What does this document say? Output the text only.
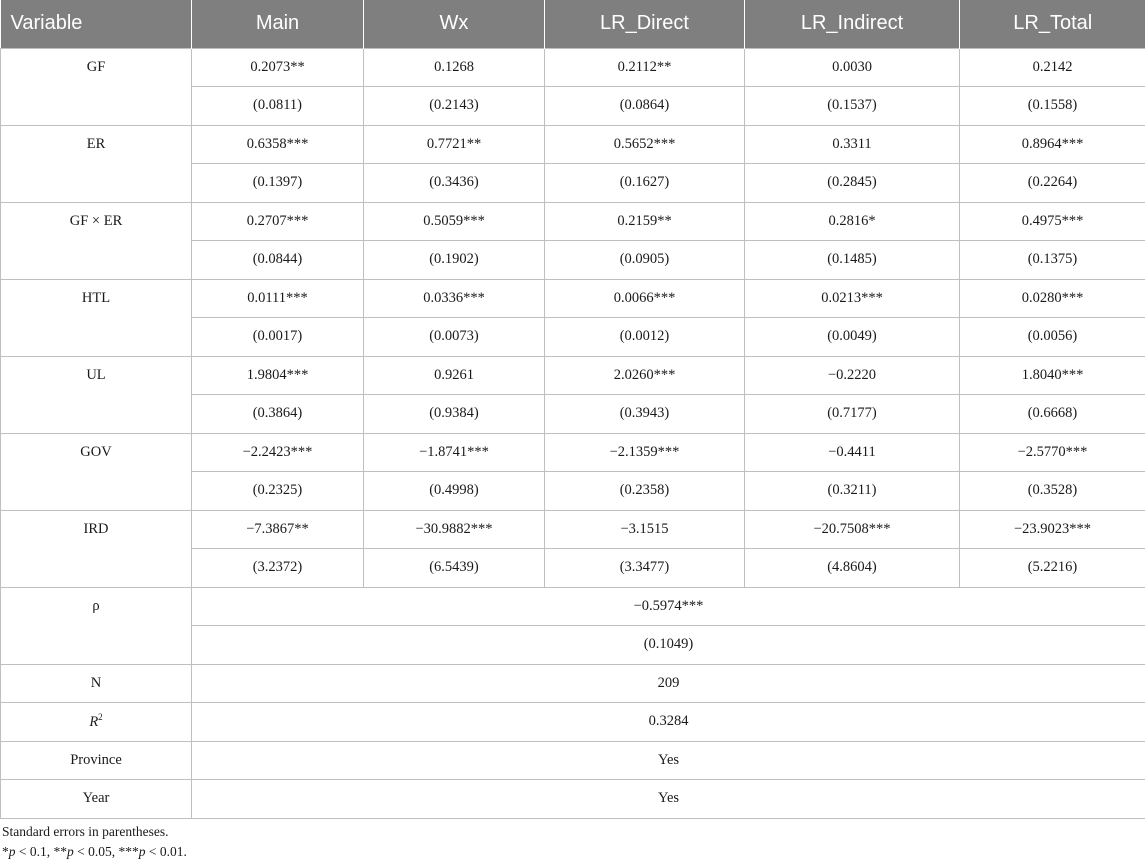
Variable	Main	Wx	LR_Direct	LR_Indirect	LR_Total
GF	0.2073**	0.1268	0.2112**	0.0030	0.2142
	(0.0811)	(0.2143)	(0.0864)	(0.1537)	(0.1558)
ER	0.6358***	0.7721**	0.5652***	0.3311	0.8964***
	(0.1397)	(0.3436)	(0.1627)	(0.2845)	(0.2264)
GF × ER	0.2707***	0.5059***	0.2159**	0.2816*	0.4975***
	(0.0844)	(0.1902)	(0.0905)	(0.1485)	(0.1375)
HTL	0.0111***	0.0336***	0.0066***	0.0213***	0.0280***
	(0.0017)	(0.0073)	(0.0012)	(0.0049)	(0.0056)
UL	1.9804***	0.9261	2.0260***	−0.2220	1.8040***
	(0.3864)	(0.9384)	(0.3943)	(0.7177)	(0.6668)
GOV	−2.2423***	−1.8741***	−2.1359***	−0.4411	−2.5770***
	(0.2325)	(0.4998)	(0.2358)	(0.3211)	(0.3528)
IRD	−7.3867**	−30.9882***	−3.1515	−20.7508***	−23.9023***
	(3.2372)	(6.5439)	(3.3477)	(4.8604)	(5.2216)
ρ	−0.5974***				
	(0.1049)				
N	209				
$R^2$	0.3284				
Province	Yes				
Year	Yes				
Standard errors in parentheses.
*p < 0.1, **p < 0.05, ***p < 0.01.
